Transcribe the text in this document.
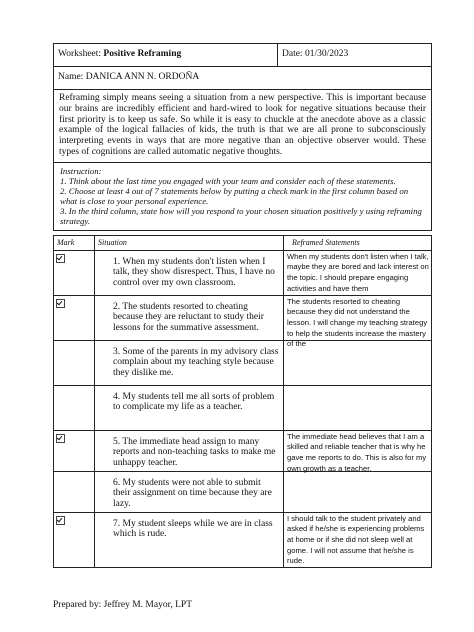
Worksheet: Positive Reframing	Date: 01/30/2023
Name: DANICA ANN N. ORDOÑA
Reframing simply means seeing a situation from a new perspective. This is important because our brains are incredibly efficient and hard-wired to look for negative situations because their first priority is to keep us safe. So while it is easy to chuckle at the anecdote above as a classic example of the logical fallacies of kids, the truth is that we are all prone to subconsciously interpreting events in ways that are more negative than an objective observer would. These types of cognitions are called automatic negative thoughts.

Instruction:

1. Think about the last time you engaged with your team and consider each of these statements.

2. Choose at least 4 out of 7 statements below by putting a check mark in the first column based on what is close to your personal experience.

3. In the third column, state how will you respond to your chosen situation positively y using reframing strategy.

Mark	Situation	Reframed Statements

	1. When my students don't listen when I talk, they show disrespect. Thus, I have no control over my own classroom.	When my students don't listen when I talk, maybe they are bored and lack interest on the topic. I should prepare engaging activities and have them

	2. The students resorted to cheating because they are reluctant to study their lessons for the summative assessment.	The students resorted to cheating because they did not understand the lesson. I will change my teaching strategy to help the students increase the mastery of the

	3. Some of the parents in my advisory class complain about my teaching style because they dislike me.	

	4. My students tell me all sorts of problem to complicate my life as a teacher.	

	5. The immediate head assign to many reports and non-teaching tasks to make me unhappy teacher.	The immediate head believes that I am a skilled and reliable teacher that is why he gave me reports to do. This is also for my own growth as a teacher.

	6. My students were not able to submit their assignment on time because they are lazy.	

	7. My student sleeps while we are in class which is rude.	I should talk to the student privately and asked if he/she is experiencing problems at home or if she did not sleep well at gome. I will not assume that he/she is rude.
Prepared by: Jeffrey M. Mayor, LPT
